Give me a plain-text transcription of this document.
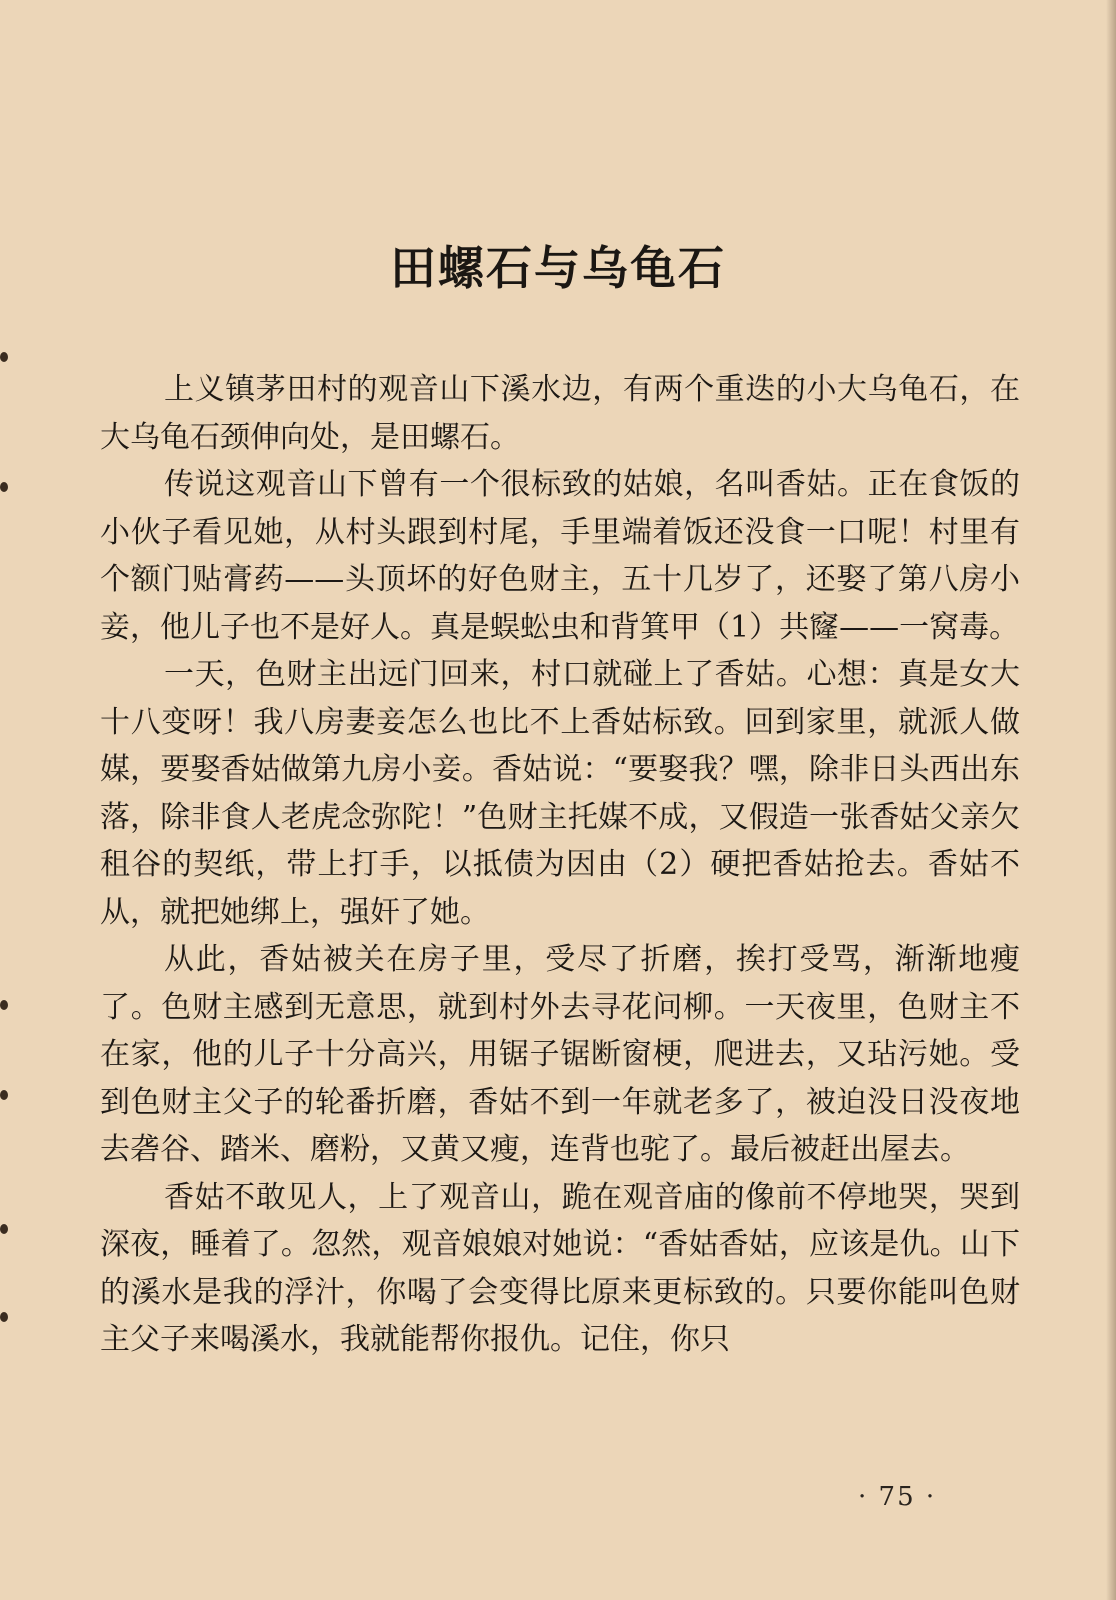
田螺石与乌龟石

上义镇茅田村的观音山下溪水边，有两个重迭的小大乌龟石，在大乌龟石颈伸向处，是田螺石。

传说这观音山下曾有一个很标致的姑娘，名叫香姑。正在食饭的小伙子看见她，从村头跟到村尾，手里端着饭还没食一口呢！村里有个额门贴膏药——头顶坏的好色财主，五十几岁了，还娶了第八房小妾，他儿子也不是好人。真是蜈蚣虫和背箕甲（1）共窿——一窝毒。

一天，色财主出远门回来，村口就碰上了香姑。心想：真是女大十八变呀！我八房妻妾怎么也比不上香姑标致。回到家里，就派人做媒，要娶香姑做第九房小妾。香姑说：“要娶我？嘿，除非日头西出东落，除非食人老虎念弥陀！”色财主托媒不成，又假造一张香姑父亲欠租谷的契纸，带上打手，以抵债为因由（2）硬把香姑抢去。香姑不从，就把她绑上，强奸了她。

从此，香姑被关在房子里，受尽了折磨，挨打受骂，渐渐地瘦了。色财主感到无意思，就到村外去寻花问柳。一天夜里，色财主不在家，他的儿子十分高兴，用锯子锯断窗梗，爬进去，又玷污她。受到色财主父子的轮番折磨，香姑不到一年就老多了，被迫没日没夜地去砻谷、踏米、磨粉，又黄又瘦，连背也驼了。最后被赶出屋去。

香姑不敢见人，上了观音山，跪在观音庙的像前不停地哭，哭到深夜，睡着了。忽然，观音娘娘对她说：“香姑香姑，应该是仇。山下的溪水是我的浮汁，你喝了会变得比原来更标致的。只要你能叫色财主父子来喝溪水，我就能帮你报仇。记住，你只

· 75 ·
